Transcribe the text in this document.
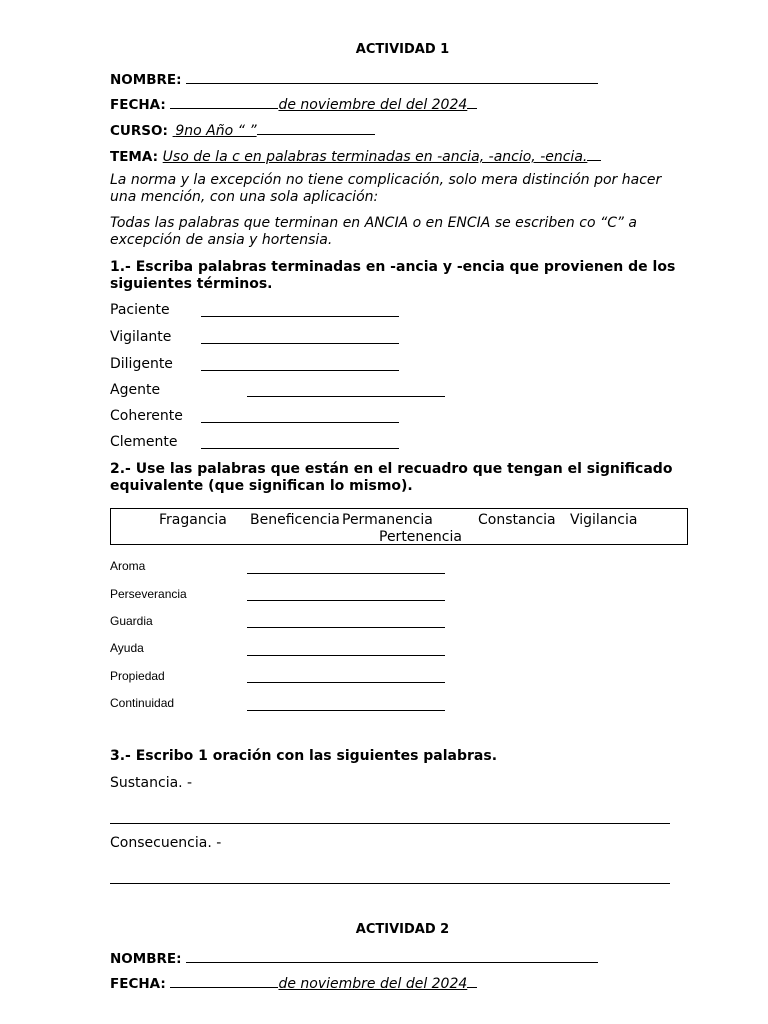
ACTIVIDAD 1
NOMBRE:
FECHA:	de noviembre del del 2024
CURSO:   9no Año “ ”
TEMA: Uso de la c en palabras terminadas en -ancia, -ancio, -encia.
La norma y la excepción no tiene complicación, solo mera distinción por hacer una mención, con una sola aplicación:
Todas las palabras que terminan en ANCIA o en ENCIA se escriben co “C” a excepción de ansia y hortensia.
1.- Escriba palabras terminadas en -ancia y -encia que provienen de los siguientes términos.
Paciente
Vigilante
Diligente
Agente
Coherente
Clemente
2.- Use las palabras que están en el recuadro que tengan el significado equivalente (que significan lo mismo).
Fragancia Beneficencia Permanencia	Constancia Vigilancia
Pertenencia
Aroma
Perseverancia
Guardia
Ayuda
Propiedad
Continuidad
3.- Escribo 1 oración con las siguientes palabras.
Sustancia. -
Consecuencia. -
ACTIVIDAD 2
NOMBRE:
FECHA:	de noviembre del del 2024
